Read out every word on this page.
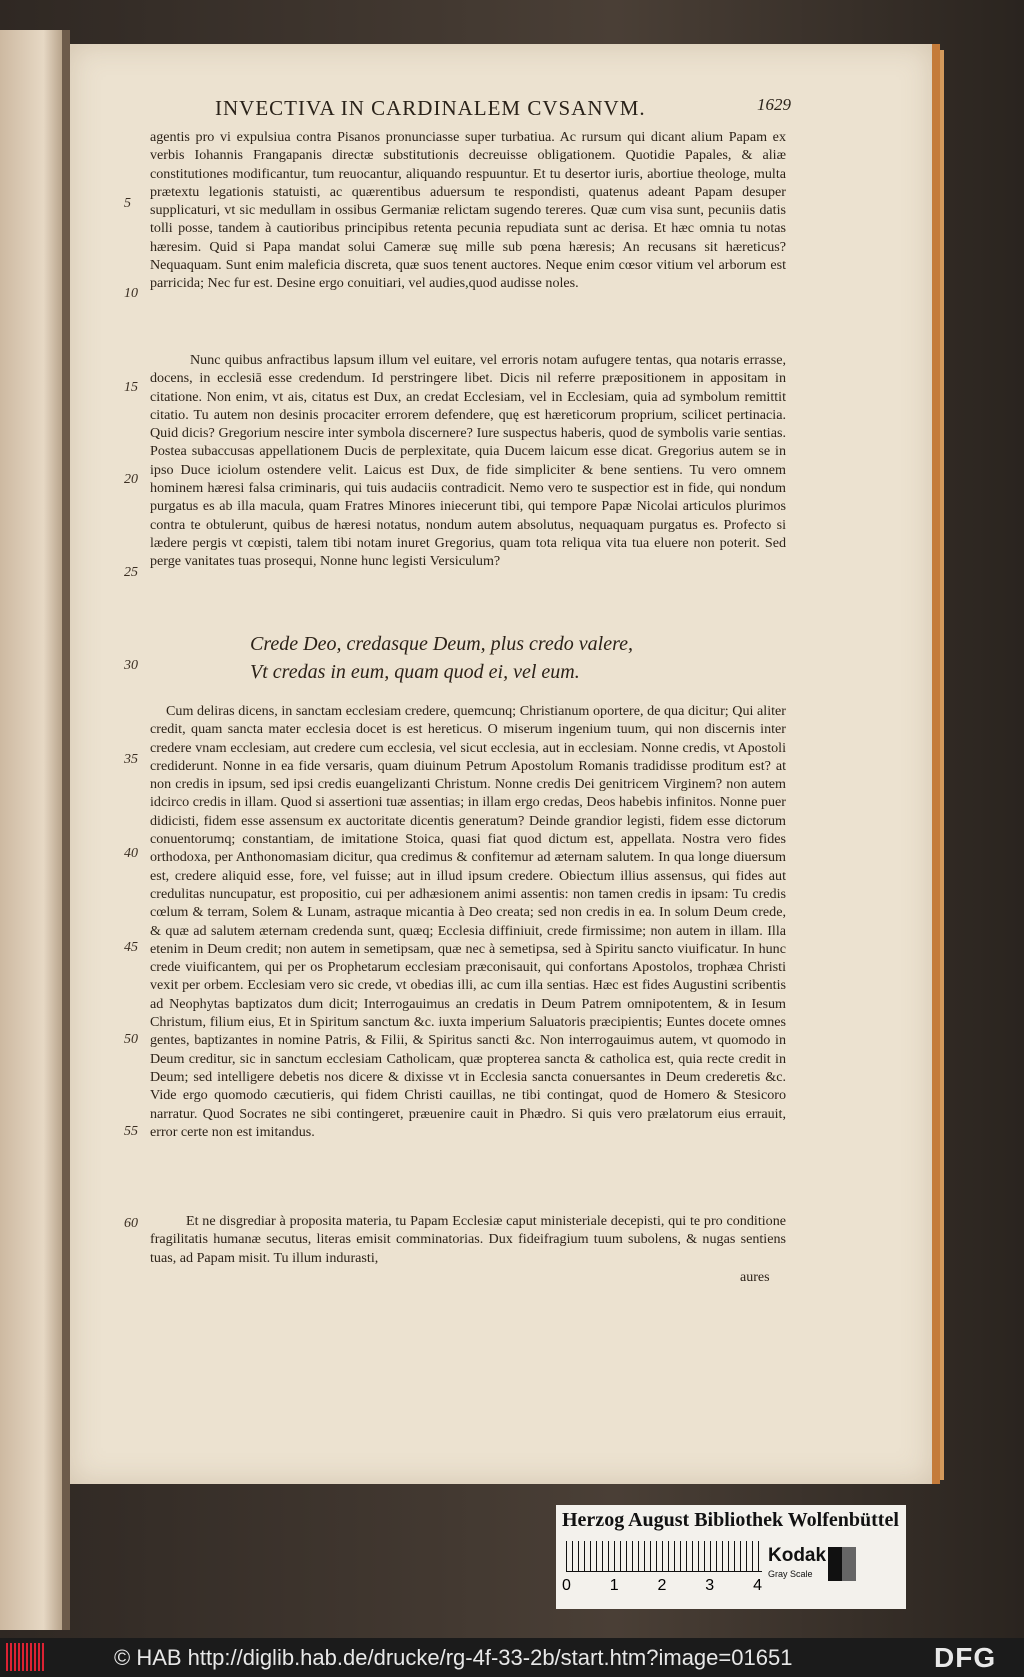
INVECTIVA IN CARDINALEM CVSANVM.	1629
agentis pro vi expulsiua contra Pisanos pronunciasse super turbatiua. Ac rursum qui dicant alium Papam ex verbis Iohannis Frangapanis directæ substitutionis decreuisse obligationem. Quotidie Papales, & aliæ constitutiones modificantur, tum reuocantur, aliquando respuuntur. Et tu desertor iuris, abortiue theologe, multa prætextu legationis statuisti, ac quærentibus aduersum te respondisti, quatenus adeant Papam desuper supplicaturi, vt sic medullam in ossibus Germaniæ relictam sugendo tereres. Quæ cum visa sunt, pecuniis datis tolli posse, tandem à cautioribus principibus retenta pecunia repudiata sunt ac derisa. Et hæc omnia tu notas hæresim. Quid si Papa mandat solui Cameræ suę mille sub pœna hæresis; An recusans sit hæreticus? Nequaquam. Sunt enim maleficia discreta, quæ suos tenent auctores. Neque enim cœsor vitium vel arborum est parricida; Nec fur est. Desine ergo conuitiari, vel audies,quod audisse noles.
Nunc quibus anfractibus lapsum illum vel euitare, vel erroris notam aufugere tentas, qua notaris errasse, docens, in ecclesiā esse credendum. Id perstringere libet. Dicis nil referre præpositionem in appositam in citatione. Non enim, vt ais, citatus est Dux, an credat Ecclesiam, vel in Ecclesiam, quia ad symbolum remittit citatio. Tu autem non desinis procaciter errorem defendere, quę est hæreticorum proprium, scilicet pertinacia. Quid dicis? Gregorium nescire inter symbola discernere? Iure suspectus haberis, quod de symbolis varie sentias. Postea subaccusas appellationem Ducis de perplexitate, quia Ducem laicum esse dicat. Gregorius autem se in ipso Duce iciolum ostendere velit. Laicus est Dux, de fide simpliciter & bene sentiens. Tu vero omnem hominem hæresi falsa criminaris, qui tuis audaciis contradicit. Nemo vero te suspectior est in fide, qui nondum purgatus es ab illa macula, quam Fratres Minores iniecerunt tibi, qui tempore Papæ Nicolai articulos plurimos contra te obtulerunt, quibus de hæresi notatus, nondum autem absolutus, nequaquam purgatus es. Profecto si lædere pergis vt cœpisti, talem tibi notam inuret Gregorius, quam tota reliqua vita tua eluere non poterit. Sed perge vanitates tuas prosequi, Nonne hunc legisti Versiculum?
Crede Deo, credasque Deum, plus credo valere,
Vt credas in eum, quam quod ei, vel eum.
Cum deliras dicens, in sanctam ecclesiam credere, quemcunq; Christianum oportere, de qua dicitur; Qui aliter credit, quam sancta mater ecclesia docet is est hereticus. O miserum ingenium tuum, qui non discernis inter credere vnam ecclesiam, aut credere cum ecclesia, vel sicut ecclesia, aut in ecclesiam. Nonne credis, vt Apostoli crediderunt. Nonne in ea fide versaris, quam diuinum Petrum Apostolum Romanis tradidisse proditum est? at non credis in ipsum, sed ipsi credis euangelizanti Christum. Nonne credis Dei genitricem Virginem? non autem idcirco credis in illam. Quod si assertioni tuæ assentias; in illam ergo credas, Deos habebis infinitos. Nonne puer didicisti, fidem esse assensum ex auctoritate dicentis generatum? Deinde grandior legisti, fidem esse dictorum conuentorumq; constantiam, de imitatione Stoica, quasi fiat quod dictum est, appellata. Nostra vero fides orthodoxa, per Anthonomasiam dicitur, qua credimus & confitemur ad æternam salutem. In qua longe diuersum est, credere aliquid esse, fore, vel fuisse; aut in illud ipsum credere. Obiectum illius assensus, qui fides aut credulitas nuncupatur, est propositio, cui per adhæsionem animi assentis: non tamen credis in ipsam: Tu credis cœlum & terram, Solem & Lunam, astraque micantia à Deo creata; sed non credis in ea. In solum Deum crede, & quæ ad salutem æternam credenda sunt, quæq; Ecclesia diffiniuit, crede firmissime; non autem in illam. Illa etenim in Deum credit; non autem in semetipsam, quæ nec à semetipsa, sed à Spiritu sancto viuificatur. In hunc crede viuificantem, qui per os Prophetarum ecclesiam præconisauit, qui confortans Apostolos, trophæa Christi vexit per orbem. Ecclesiam vero sic crede, vt obedias illi, ac cum illa sentias. Hæc est fides Augustini scribentis ad Neophytas baptizatos dum dicit; Interrogauimus an credatis in Deum Patrem omnipotentem, & in Iesum Christum, filium eius, Et in Spiritum sanctum &c. iuxta imperium Saluatoris præcipientis; Euntes docete omnes gentes, baptizantes in nomine Patris, & Filii, & Spiritus sancti &c. Non interrogauimus autem, vt quomodo in Deum creditur, sic in sanctum ecclesiam Catholicam, quæ propterea sancta & catholica est, quia recte credit in Deum; sed intelligere debetis nos dicere & dixisse vt in Ecclesia sancta conuersantes in Deum crederetis &c. Vide ergo quomodo cæcutieris, qui fidem Christi cauillas, ne tibi contingat, quod de Homero & Stesicoro narratur. Quod Socrates ne sibi contingeret, præuenire cauit in Phædro. Si quis vero prælatorum eius errauit, error certe non est imitandus.
Et ne disgrediar à proposita materia, tu Papam Ecclesiæ caput ministeriale decepisti, qui te pro conditione fragilitatis humanæ secutus, literas emisit comminatorias. Dux fideifragium tuum subolens, & nugas sentiens tuas, ad Papam misit. Tu illum indurasti,
aures
5
10
15
20
25
30
35
40
45
50
55
60
Herzog August Bibliothek Wolfenbüttel
0 1 2 3 4
Kodak
Gray Scale
© HAB http://diglib.hab.de/drucke/rg-4f-33-2b/start.htm?image=01651	DFG
